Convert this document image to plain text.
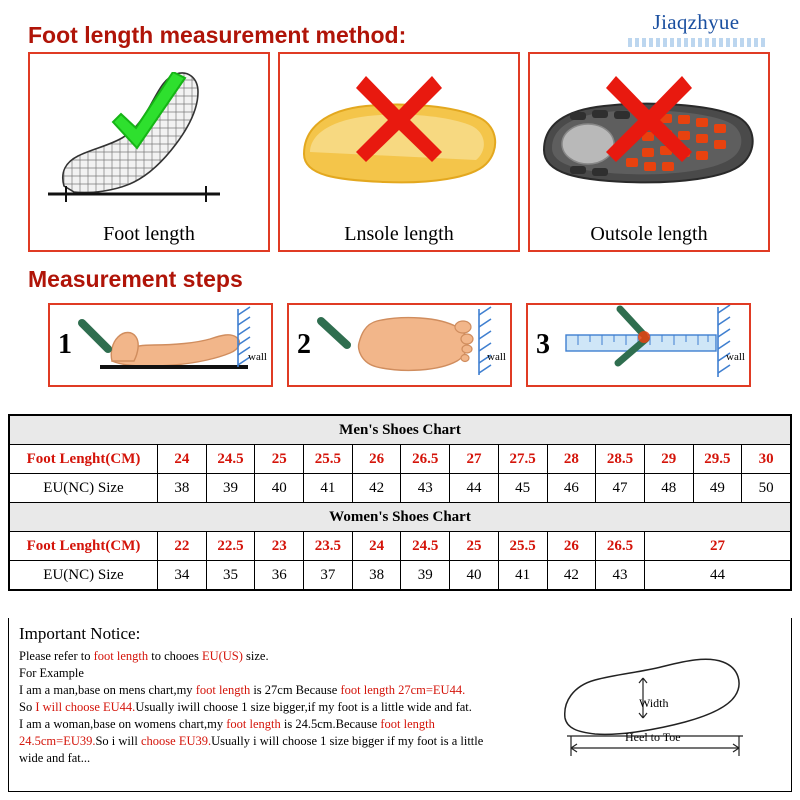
Jiaqzhyue
Foot length measurement method:
Measurement steps
Foot length	Lnsole length	Outsole length
1	wall 2	wall 3	wall
Men's Shoes Chart													
Foot Lenght(CM)	24	24.5	25	25.5	26	26.5	27	27.5	28	28.5	29	29.5	30
EU(NC) Size	38	39	40	41	42	43	44	45	46	47	48	49	50
Women's Shoes Chart													
Foot Lenght(CM)	22	22.5	23	23.5	24	24.5	25	25.5	26	26.5	27		
EU(NC) Size	34	35	36	37	38	39	40	41	42	43	44		
Important Notice:

Please refer to foot length to chooes EU(US) size.

For Example

I am a man,base on mens chart,my foot length is 27cm Because foot length 27cm=EU44.

So I will choose EU44.Usually iwill choose 1 size bigger,if my foot is a little wide and fat.

I am a woman,base on womens chart,my foot length is 24.5cm.Because foot length

24.5cm=EU39.So i will choose EU39.Usually i will choose 1 size bigger if my foot is a little

wide and fat...

Width
Heel to Toe
